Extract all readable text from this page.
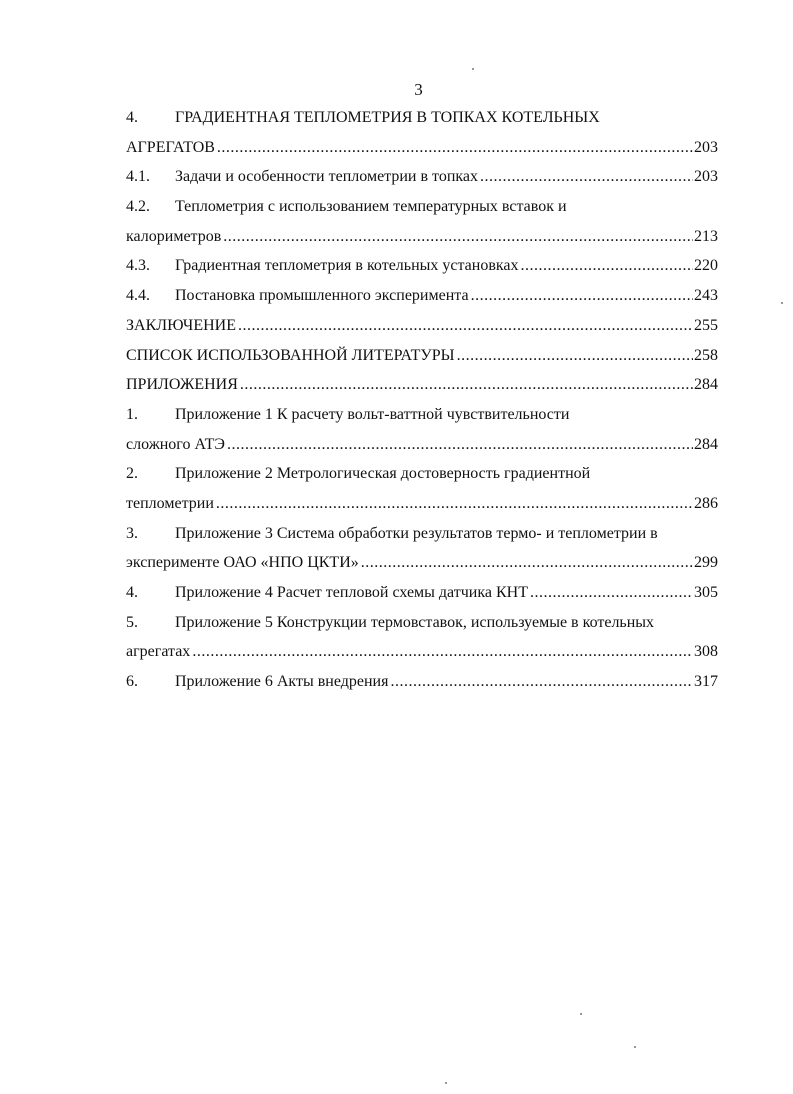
3
4. ГРАДИЕНТНАЯ ТЕПЛОМЕТРИЯ В ТОПКАХ КОТЕЛЬНЫХ
АГРЕГАТОВ .....	203
4.1. Задачи и особенности теплометрии в топках .....	203
4.2. Теплометрия с использованием температурных вставок и
калориметров .....	213
4.3. Градиентная теплометрия в котельных установках .....	220
4.4. Постановка промышленного эксперимента .....	243
ЗАКЛЮЧЕНИЕ .....	255
СПИСОК ИСПОЛЬЗОВАННОЙ ЛИТЕРАТУРЫ .....	258
ПРИЛОЖЕНИЯ .....	284
1. Приложение 1 К расчету вольт-ваттной чувствительности
сложного АТЭ .....	284
2. Приложение 2 Метрологическая достоверность градиентной
теплометрии .....	286
3. Приложение 3 Система обработки результатов термо- и теплометрии в
эксперименте ОАО «НПО ЦКТИ» .....	299
4. Приложение 4 Расчет тепловой схемы датчика КНТ .....	305
5. Приложение 5 Конструкции термовставок, используемые в котельных
агрегатах .....	308
6. Приложение 6 Акты внедрения .....	317
